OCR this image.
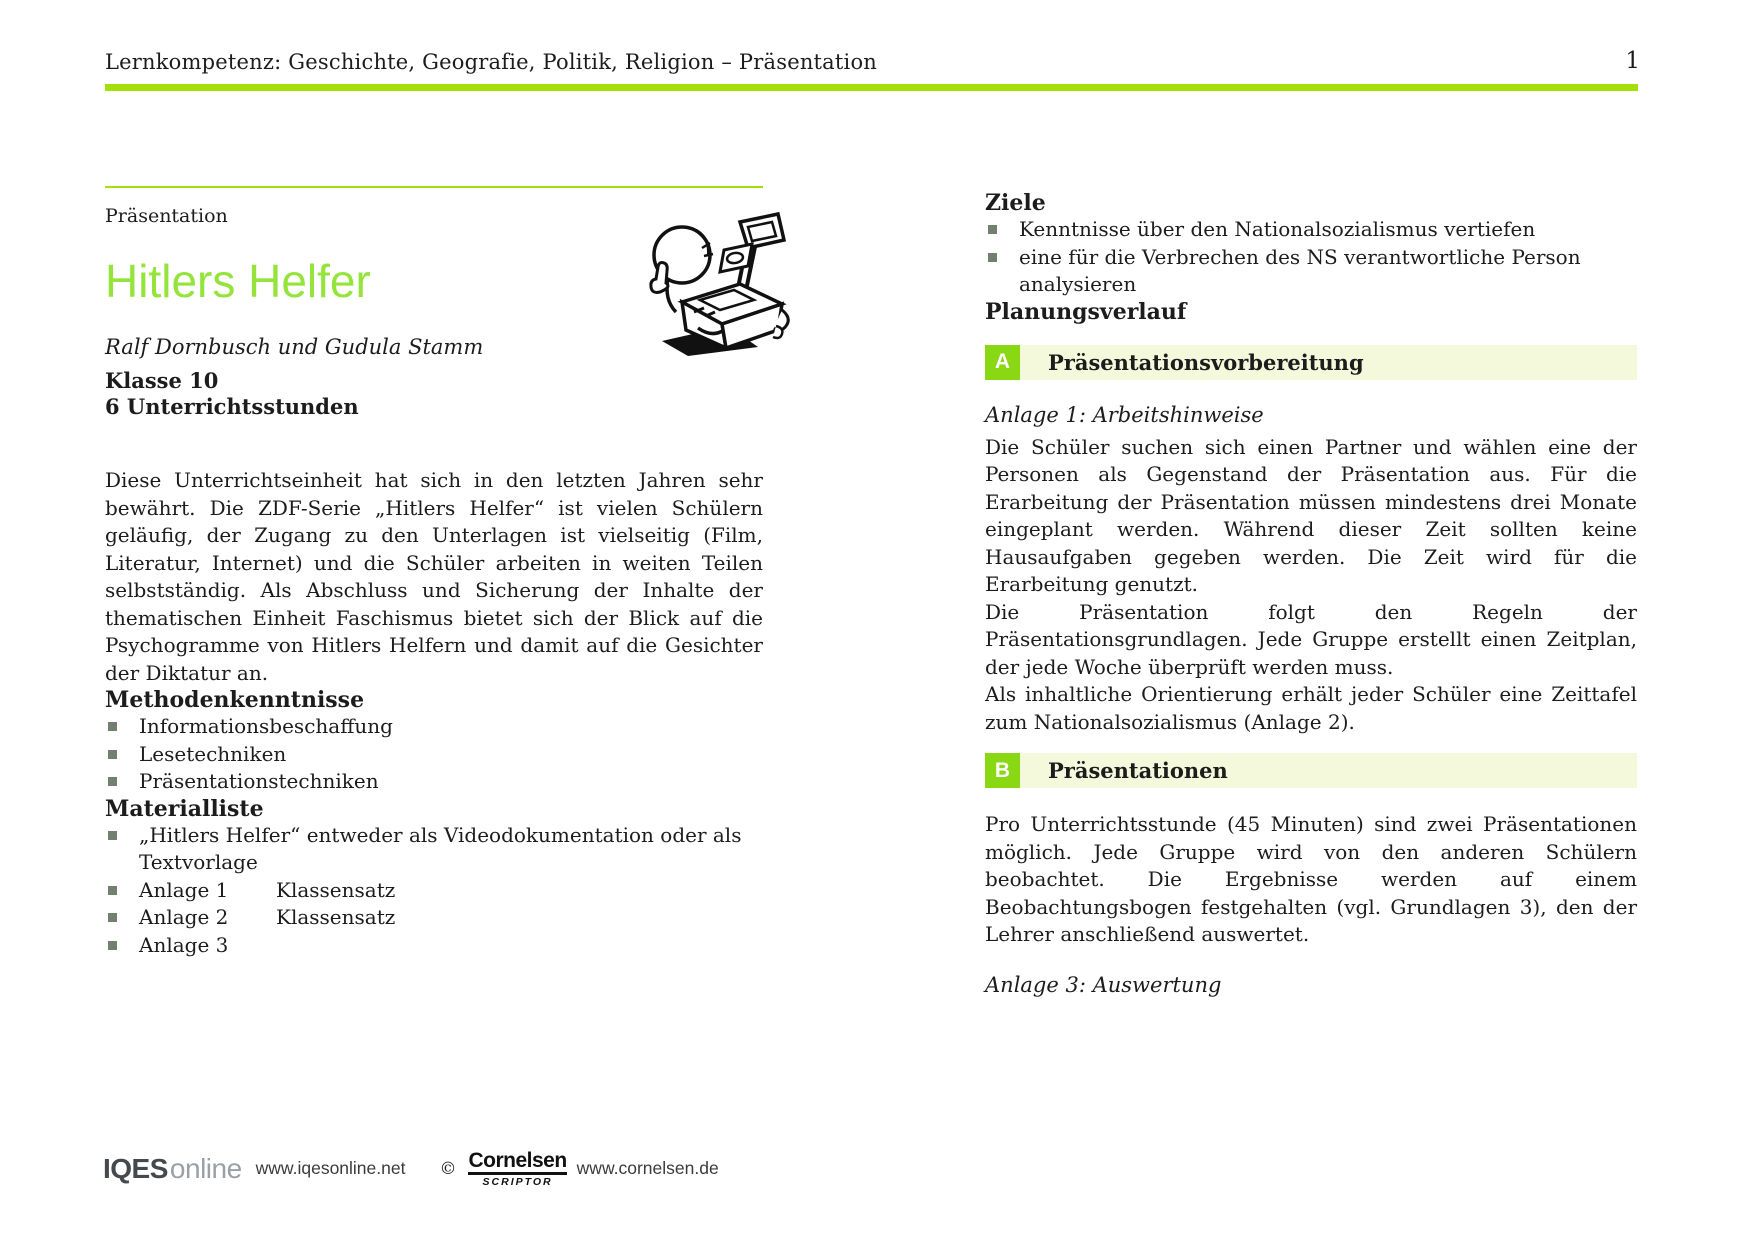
Lernkompetenz: Geschichte, Geografie, Politik, Religion – Präsentation	1
Präsentation
Hitlers Helfer
Ralf Dornbusch und Gudula Stamm
Klasse 10
6 Unterrichtsstunden

Diese Unterrichtseinheit hat sich in den letzten Jahren sehr bewährt. Die ZDF-Serie „Hitlers Helfer“ ist vielen Schülern geläufig, der Zugang zu den Unterlagen ist vielseitig (Film, Literatur, Internet) und die Schüler arbeiten in weiten Teilen selbstständig. Als Abschluss und Sicherung der Inhalte der thematischen Einheit Faschismus bietet sich der Blick auf die Psychogramme von Hitlers Helfern und damit auf die Gesichter der Diktatur an.

Methodenkenntnisse
Informationsbeschaffung
Lesetechniken
Präsentationstechniken
Materialliste
„Hitlers Helfer“ entweder als Videodokumentation oder als Textvorlage
Anlage 1 Klassensatz
Anlage 2 Klassensatz
Anlage 3
Ziele
Kenntnisse über den Nationalsozialismus vertiefen
eine für die Verbrechen des NS verantwortliche Person analysieren
Planungsverlauf
A	Präsentationsvorbereitung
Anlage 1: Arbeitshinweise

Die Schüler suchen sich einen Partner und wählen eine der Personen als Gegenstand der Präsentation aus. Für die Erarbeitung der Präsentation müssen mindestens drei Monate eingeplant werden. Während dieser Zeit sollten keine Hausaufgaben gegeben werden. Die Zeit wird für die Erarbeitung genutzt.

Die Präsentation folgt den Regeln der Präsentationsgrundlagen. Jede Gruppe erstellt einen Zeitplan, der jede Woche überprüft werden muss.

Als inhaltliche Orientierung erhält jeder Schüler eine Zeittafel zum Nationalsozialismus (Anlage 2).

B	Präsentationen

Pro Unterrichtsstunde (45 Minuten) sind zwei Präsentationen möglich. Jede Gruppe wird von den anderen Schülern beobachtet. Die Ergebnisse werden auf einem Beobachtungsbogen festgehalten (vgl. Grundlagen 3), den der Lehrer anschließend auswertet.

Anlage 3: Auswertung
IQESonline www.iqesonline.net © Cornelsen
SCRIPTOR
www.cornelsen.de
